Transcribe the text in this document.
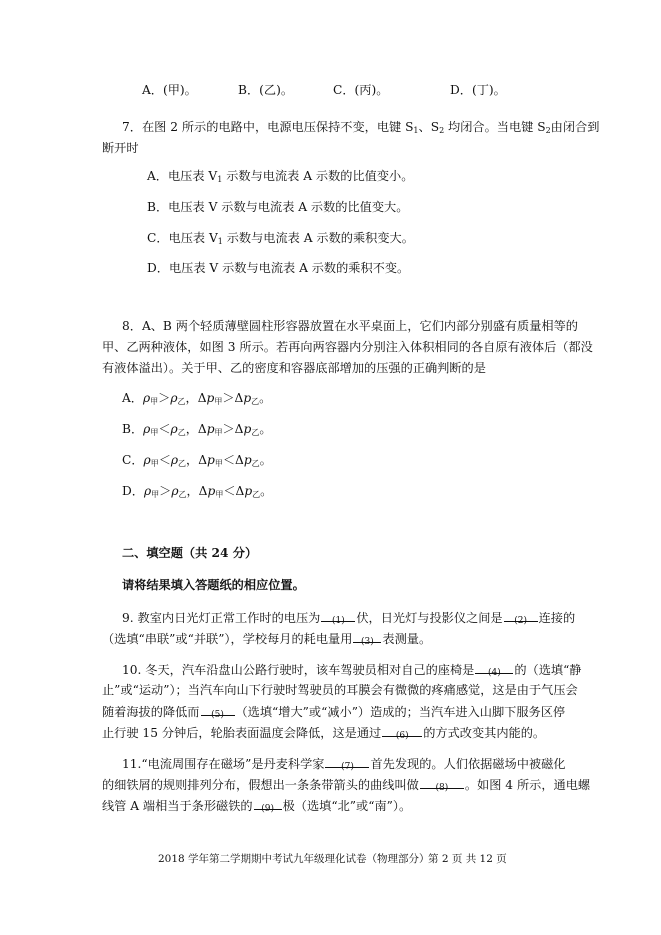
A．(甲)。	B．(乙)。	C．(丙)。	D．(丁)。
7．在图 2 所示的电路中，电源电压保持不变，电键 $S_1$、$S_2$ 均闭合。当电键 $S_2$由闭合到
断开时
A．电压表 $V_1$ 示数与电流表 A 示数的比值变小。
B．电压表 V 示数与电流表 A 示数的比值变大。
C．电压表 $V_1$ 示数与电流表 A 示数的乘积变大。
D．电压表 V 示数与电流表 A 示数的乘积不变。
8．A、B 两个轻质薄壁圆柱形容器放置在水平桌面上，它们内部分别盛有质量相等的
甲、乙两种液体，如图 3 所示。若再向两容器内分别注入体积相同的各自原有液体后（都没
有液体溢出）。关于甲、乙的密度和容器底部增加的压强的正确判断的是
A．$\rho_甲>\rho_乙$，$\Delta p_甲>\Delta p_乙$。
B．$\rho_甲<\rho_乙$，$\Delta p_甲>\Delta p_乙$。
C．$\rho_甲<\rho_乙$，$\Delta p_甲<\Delta p_乙$。
D．$\rho_甲>\rho_乙$，$\Delta p_甲<\Delta p_乙$。
二、填空题（共 24 分）
请将结果填入答题纸的相应位置。
9. 教室内日光灯正常工作时的电压为	(1) 伏，日光灯与投影仪之间是	(2) 连接的
（选填“串联”或“并联”），学校每月的耗电量用 (3) 表测量。
10. 冬天，汽车沿盘山公路行驶时，该车驾驶员相对自己的座椅是	(4)	的（选填“静
止”或“运动”）；当汽车向山下行驶时驾驶员的耳膜会有微微的疼痛感觉，这是由于气压会
随着海拔的降低而	(5) （选填“增大”或“减小”）造成的；当汽车进入山脚下服务区停
止行驶 15 分钟后，轮胎表面温度会降低，这是通过	(6)	的方式改变其内能的。
11.“电流周围存在磁场”是丹麦科学家	(7)	首先发现的。人们依据磁场中被磁化
的细铁屑的规则排列分布，假想出一条条带箭头的曲线叫做	(8)	。如图 4 所示，通电螺
线管 A 端相当于条形磁铁的 (9) 极（选填“北”或“南”）。
2018 学年第二学期期中考试九年级理化试卷（物理部分）
第 2 页 共 12 页
